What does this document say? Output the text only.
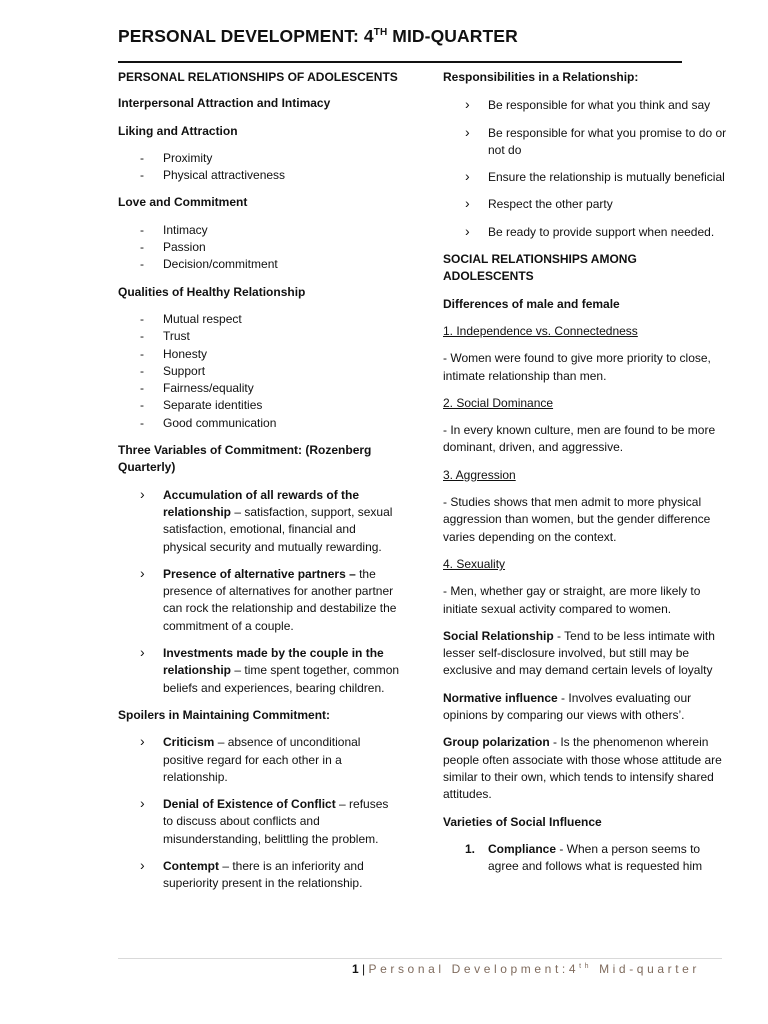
PERSONAL DEVELOPMENT: 4TH MID-QUARTER

PERSONAL RELATIONSHIPS OF ADOLESCENTS

Interpersonal Attraction and Intimacy

Liking and Attraction

- Proximity
- Physical attractiveness

Love and Commitment

- Intimacy
- Passion
- Decision/commitment

Qualities of Healthy Relationship

- Mutual respect
- Trust
- Honesty
- Support
- Fairness/equality
- Separate identities
- Good communication

Three Variables of Commitment: (Rozenberg Quarterly)

› Accumulation of all rewards of the relationship – satisfaction, support, sexual satisfaction, emotional, financial and physical security and mutually rewarding.
› Presence of alternative partners – the presence of alternatives for another partner can rock the relationship and destabilize the commitment of a couple.
› Investments made by the couple in the relationship – time spent together, common beliefs and experiences, bearing children.

Spoilers in Maintaining Commitment:

› Criticism – absence of unconditional positive regard for each other in a relationship.
› Denial of Existence of Conflict – refuses to discuss about conflicts and misunderstanding, belittling the problem.
› Contempt – there is an inferiority and superiority present in the relationship.

Responsibilities in a Relationship:

› Be responsible for what you think and say
› Be responsible for what you promise to do or not do
› Ensure the relationship is mutually beneficial
› Respect the other party
› Be ready to provide support when needed.

SOCIAL RELATIONSHIPS AMONG ADOLESCENTS

Differences of male and female

1. Independence vs. Connectedness

- Women were found to give more priority to close, intimate relationship than men.

2. Social Dominance

- In every known culture, men are found to be more dominant, driven, and aggressive.

3. Aggression

- Studies shows that men admit to more physical aggression than women, but the gender difference varies depending on the context.

4. Sexuality

- Men, whether gay or straight, are more likely to initiate sexual activity compared to women.

Social Relationship - Tend to be less intimate with lesser self-disclosure involved, but still may be exclusive and may demand certain levels of loyalty

Normative influence - Involves evaluating our opinions by comparing our views with others’.

Group polarization - Is the phenomenon wherein people often associate with those whose attitude are similar to their own, which tends to intensify shared attitudes.

Varieties of Social Influence

1. Compliance - When a person seems to agree and follows what is requested him
1 | Personal Development:4th Mid-quarter
